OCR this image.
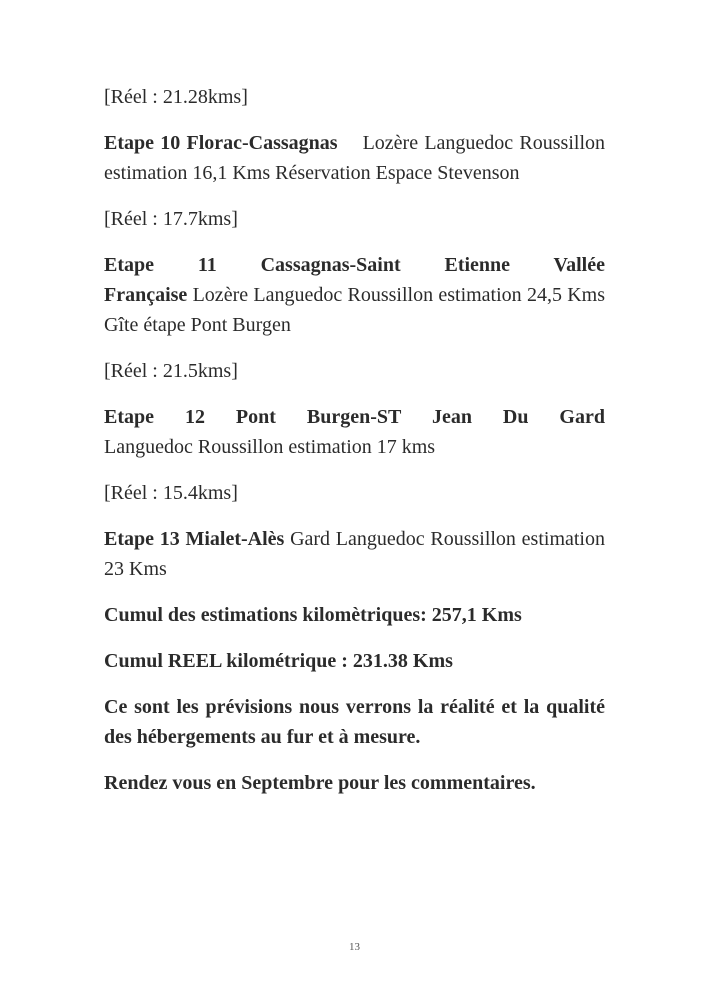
[Réel : 21.28kms]

Etape 10 Florac-Cassagnas Lozère Languedoc Roussillon estimation 16,1 Kms Réservation Espace Stevenson

[Réel : 17.7kms]

Etape 11 Cassagnas-Saint Etienne Vallée
Française Lozère Languedoc Roussillon estimation 24,5 Kms Gîte étape Pont Burgen

[Réel : 21.5kms]

Etape 12 Pont Burgen-ST Jean Du Gard
Languedoc Roussillon estimation 17 kms

[Réel : 15.4kms]

Etape 13 Mialet-Alès Gard Languedoc Roussillon estimation 23 Kms

Cumul des estimations kilomètriques: 257,1 Kms

Cumul REEL kilométrique : 231.38 Kms

Ce sont les prévisions nous verrons la réalité et la qualité des hébergements au fur et à mesure.

Rendez vous en Septembre pour les commentaires.

13
